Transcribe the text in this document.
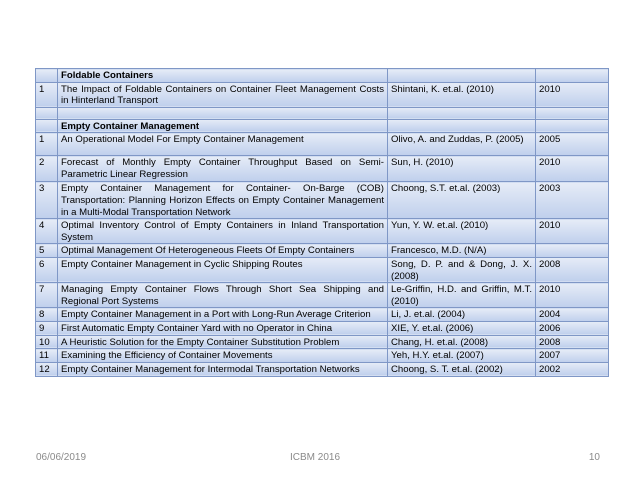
	Foldable Containers		
1	The Impact of Foldable Containers on Container Fleet Management Costs in Hinterland Transport	Shintani, K. et.al. (2010)	2010

	Empty Container Management		
1	An Operational Model For Empty Container Management	Olivo, A. and Zuddas, P. (2005)	2005
2	Forecast of Monthly Empty Container Throughput Based on Semi-Parametric Linear Regression	Sun, H. (2010)	2010
3	Empty Container Management for Container- On-Barge (COB) Transportation: Planning Horizon Effects on Empty Container Management in a Multi-Modal Transportation Network	Choong, S.T. et.al. (2003)	2003
4	Optimal Inventory Control of Empty Containers in Inland Transportation System	Yun, Y. W. et.al. (2010)	2010
5	Optimal Management Of Heterogeneous Fleets Of Empty Containers	Francesco, M.D. (N/A)	
6	Empty Container Management in Cyclic Shipping Routes	Song, D. P. and & Dong, J. X.(2008)	2008
7	Managing Empty Container Flows Through Short Sea Shipping and Regional Port Systems	Le-Griffin, H.D. and Griffin, M.T. (2010)	2010
8	Empty Container Management in a Port with Long-Run Average Criterion	Li, J. et.al. (2004)	2004
9	First Automatic Empty Container Yard with no Operator in China	XIE, Y. et.al. (2006)	2006
10	A Heuristic Solution for the Empty Container Substitution Problem	Chang, H. et.al. (2008)	2008
11	Examining the Efficiency of Container Movements	Yeh, H.Y. et.al. (2007)	2007
12	Empty Container Management for Intermodal Transportation Networks	Choong, S. T. et.al. (2002)	2002
06/06/2019	ICBM 2016	10
